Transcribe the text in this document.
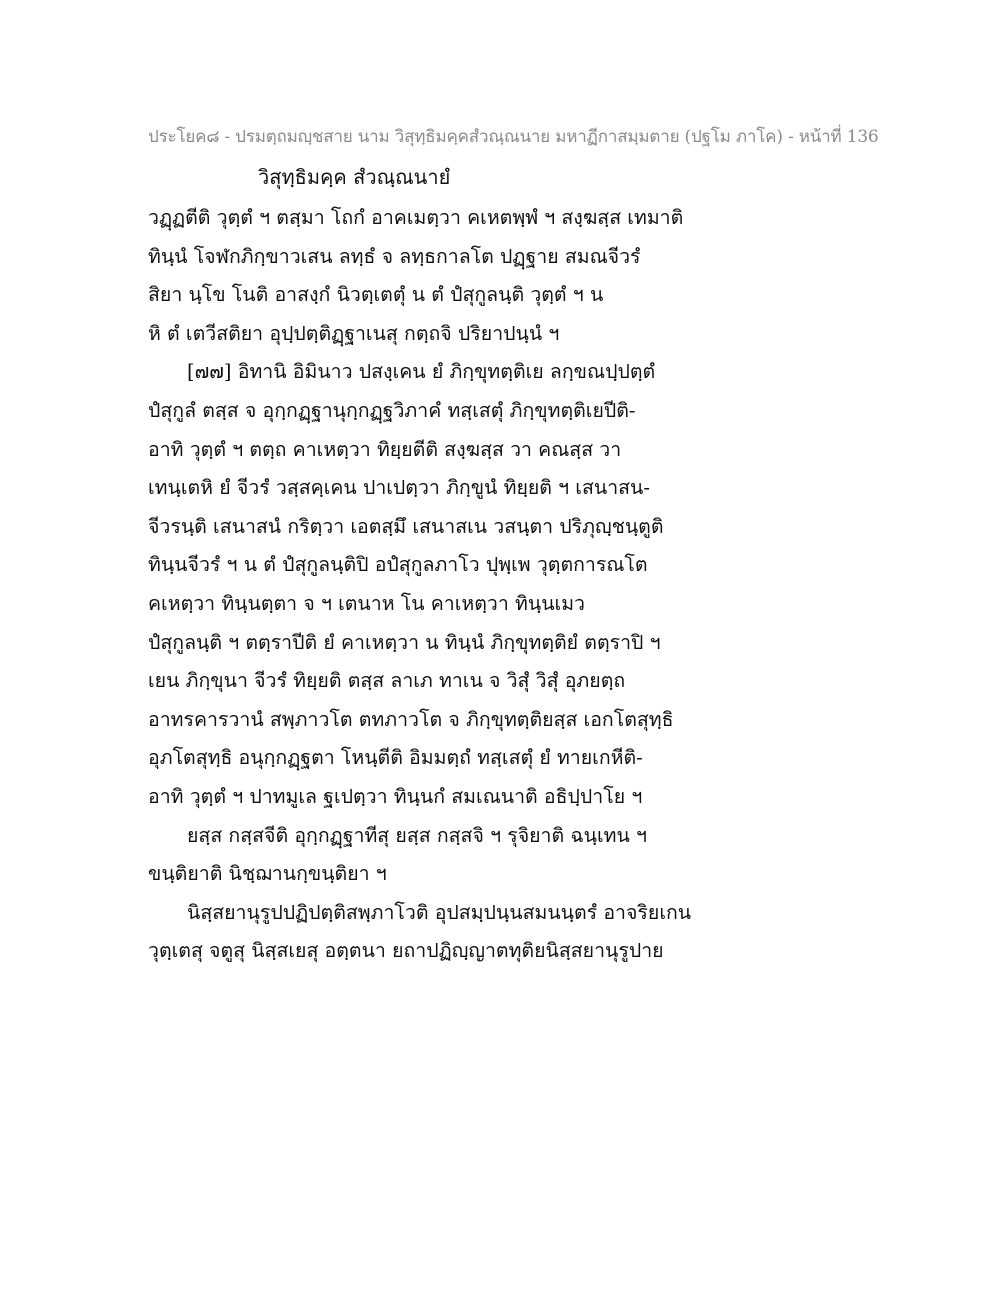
ประโยค๘ - ปรมตฺถมญฺชสาย นาม วิสุทฺธิมคฺคสํวณฺณนาย มหาฏีกาสมฺมตาย (ปฐโม ภาโค) - หน้าที่ 136
วิสุทฺธิมคฺค สํวณฺณนายํ
วฏฺฏตีติ วุตฺตํ ฯ ตสฺมา โถกํ อาคเมตฺวา คเหตพฺพํ ฯ สงฺฆสฺส เทมาติ
ทินฺนํ โจฬกภิกฺขาวเสน ลทฺธํ จ ลทฺธกาลโต ปฏฺฐาย สมณจีวรํ
สิยา นฺโข โนติ อาสงฺกํ นิวตฺเตตุํ น ตํ ปํสุกูลนฺติ วุตฺตํ ฯ น
หิ ตํ เตวีสติยา อุปฺปตฺติฏฺฐาเนสุ กตฺถจิ ปริยาปนฺนํ ฯ
[๗๗] อิทานิ อิมินาว ปสงฺเคน ยํ ภิกฺขุทตฺติเย ลกฺขณปฺปตฺตํ
ปํสุกูลํ ตสฺส จ อุกฺกฏฺฐานุกฺกฏฺฐวิภาคํ ทสฺเสตุํ ภิกฺขุทตฺติเยปีติ-
อาทิ วุตฺตํ ฯ ตตฺถ คาเหตฺวา ทิยฺยตีติ สงฺฆสฺส วา คณสฺส วา
เทนฺเตหิ ยํ จีวรํ วสฺสคฺเคน ปาเปตฺวา ภิกฺขูนํ ทิยฺยติ ฯ เสนาสน-
จีวรนฺติ เสนาสนํ กริตฺวา เอตสฺมึ เสนาสเน วสนฺตา ปริภุญฺชนฺตูติ
ทินฺนจีวรํ ฯ น ตํ ปํสุกูลนฺติปิ อปํสุกูลภาโว ปุพฺเพ วุตฺตการณโต
คเหตฺวา ทินฺนตฺตา จ ฯ เตนาห โน คาเหตฺวา ทินฺนเมว
ปํสุกูลนฺติ ฯ ตตฺราปีติ ยํ คาเหตฺวา น ทินฺนํ ภิกฺขุทตฺติยํ ตตฺราปิ ฯ
เยน ภิกฺขุนา จีวรํ ทิยฺยติ ตสฺส ลาเภ ทาเน จ วิสุํ วิสุํ อุภยตฺถ
อาทรคารวานํ สพฺภาวโต ตทภาวโต จ ภิกฺขุทตฺติยสฺส เอกโตสุทฺธิ
อุภโตสุทฺธิ อนุกฺกฏฺฐตา โหนฺตีติ อิมมตฺถํ ทสฺเสตุํ ยํ ทายเกหีติ-
อาทิ วุตฺตํ ฯ ปาทมูเล ฐเปตฺวา ทินฺนกํ สมเณนาติ อธิปฺปาโย ฯ
ยสฺส กสฺสจีติ อุกฺกฏฺฐาทีสุ ยสฺส กสฺสจิ ฯ รุจิยาติ ฉนฺเทน ฯ
ขนฺติยาติ นิชฺฌานกฺขนฺติยา ฯ
นิสฺสยานุรูปปฏิปตฺติสพฺภาโวติ อุปสมฺปนฺนสมนนฺตรํ อาจริยเกน
วุตฺเตสุ จตูสุ นิสฺสเยสุ อตฺตนา ยถาปฏิญฺญาตทุติยนิสฺสยานุรูปาย
